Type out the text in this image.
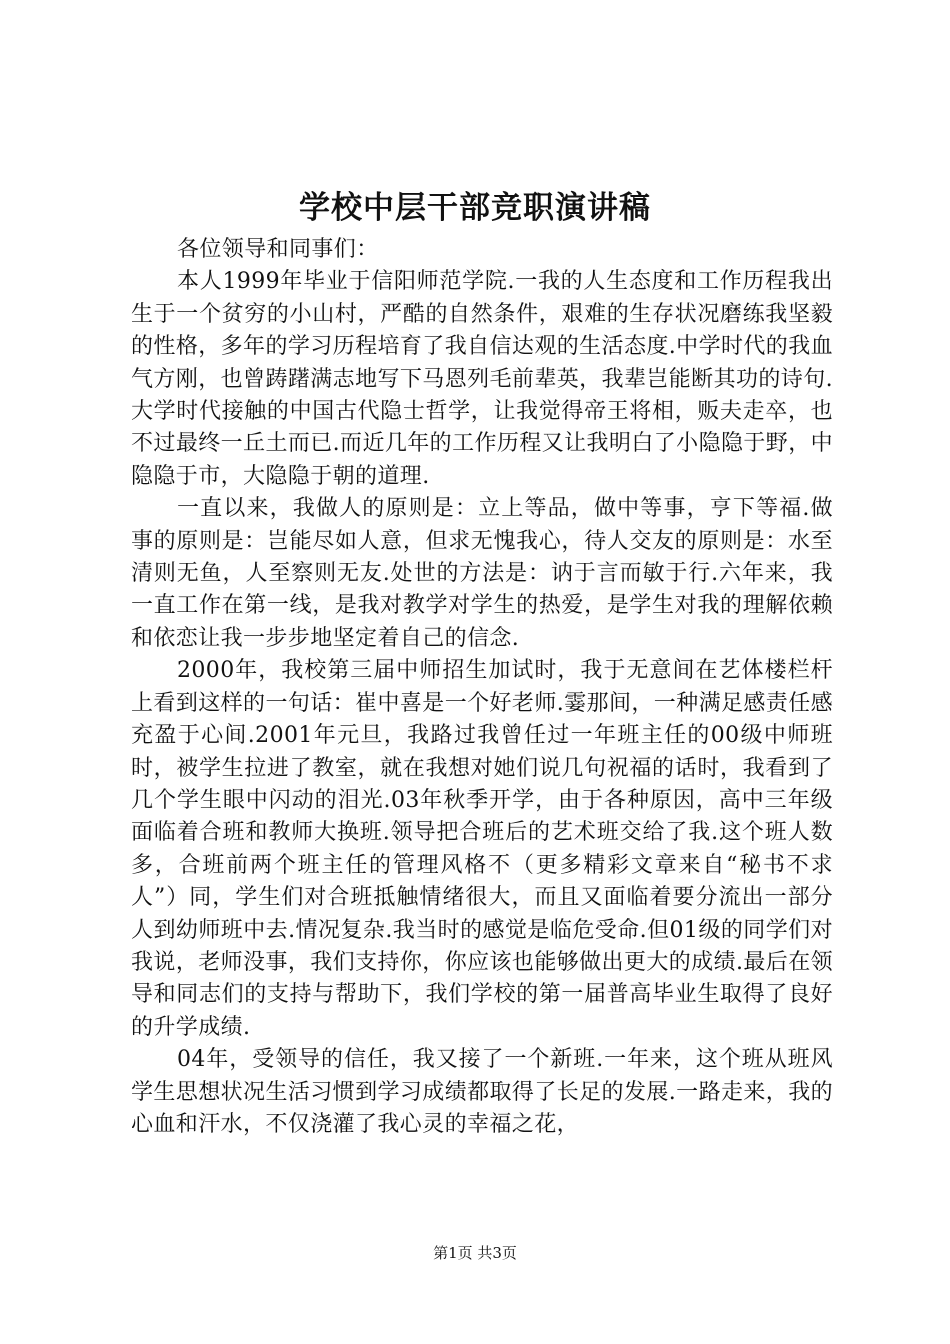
学校中层干部竞职演讲稿

各位领导和同事们：

本人1999年毕业于信阳师范学院.一我的人生态度和工作历程我出生于一个贫穷的小山村，严酷的自然条件，艰难的生存状况磨练我坚毅的性格，多年的学习历程培育了我自信达观的生活态度.中学时代的我血气方刚，也曾踌躇满志地写下马恩列毛前辈英，我辈岂能断其功的诗句.大学时代接触的中国古代隐士哲学，让我觉得帝王将相，贩夫走卒，也不过最终一丘土而已.而近几年的工作历程又让我明白了小隐隐于野，中隐隐于市，大隐隐于朝的道理.

一直以来，我做人的原则是：立上等品，做中等事，亨下等福.做事的原则是：岂能尽如人意，但求无愧我心，待人交友的原则是：水至清则无鱼，人至察则无友.处世的方法是：讷于言而敏于行.六年来，我一直工作在第一线，是我对教学对学生的热爱，是学生对我的理解依赖和依恋让我一步步地坚定着自己的信念.

2000年，我校第三届中师招生加试时，我于无意间在艺体楼栏杆上看到这样的一句话：崔中喜是一个好老师.霎那间，一种满足感责任感充盈于心间.2001年元旦，我路过我曾任过一年班主任的00级中师班时，被学生拉进了教室，就在我想对她们说几句祝福的话时，我看到了几个学生眼中闪动的泪光.03年秋季开学，由于各种原因，高中三年级面临着合班和教师大换班.领导把合班后的艺术班交给了我.这个班人数多，合班前两个班主任的管理风格不（更多精彩文章来自“秘书不求人”）同，学生们对合班抵触情绪很大，而且又面临着要分流出一部分人到幼师班中去.情况复杂.我当时的感觉是临危受命.但01级的同学们对我说，老师没事，我们支持你，你应该也能够做出更大的成绩.最后在领导和同志们的支持与帮助下，我们学校的第一届普高毕业生取得了良好的升学成绩.

04年，受领导的信任，我又接了一个新班.一年来，这个班从班风学生思想状况生活习惯到学习成绩都取得了长足的发展.一路走来，我的心血和汗水，不仅浇灌了我心灵的幸福之花，

第1页 共3页
